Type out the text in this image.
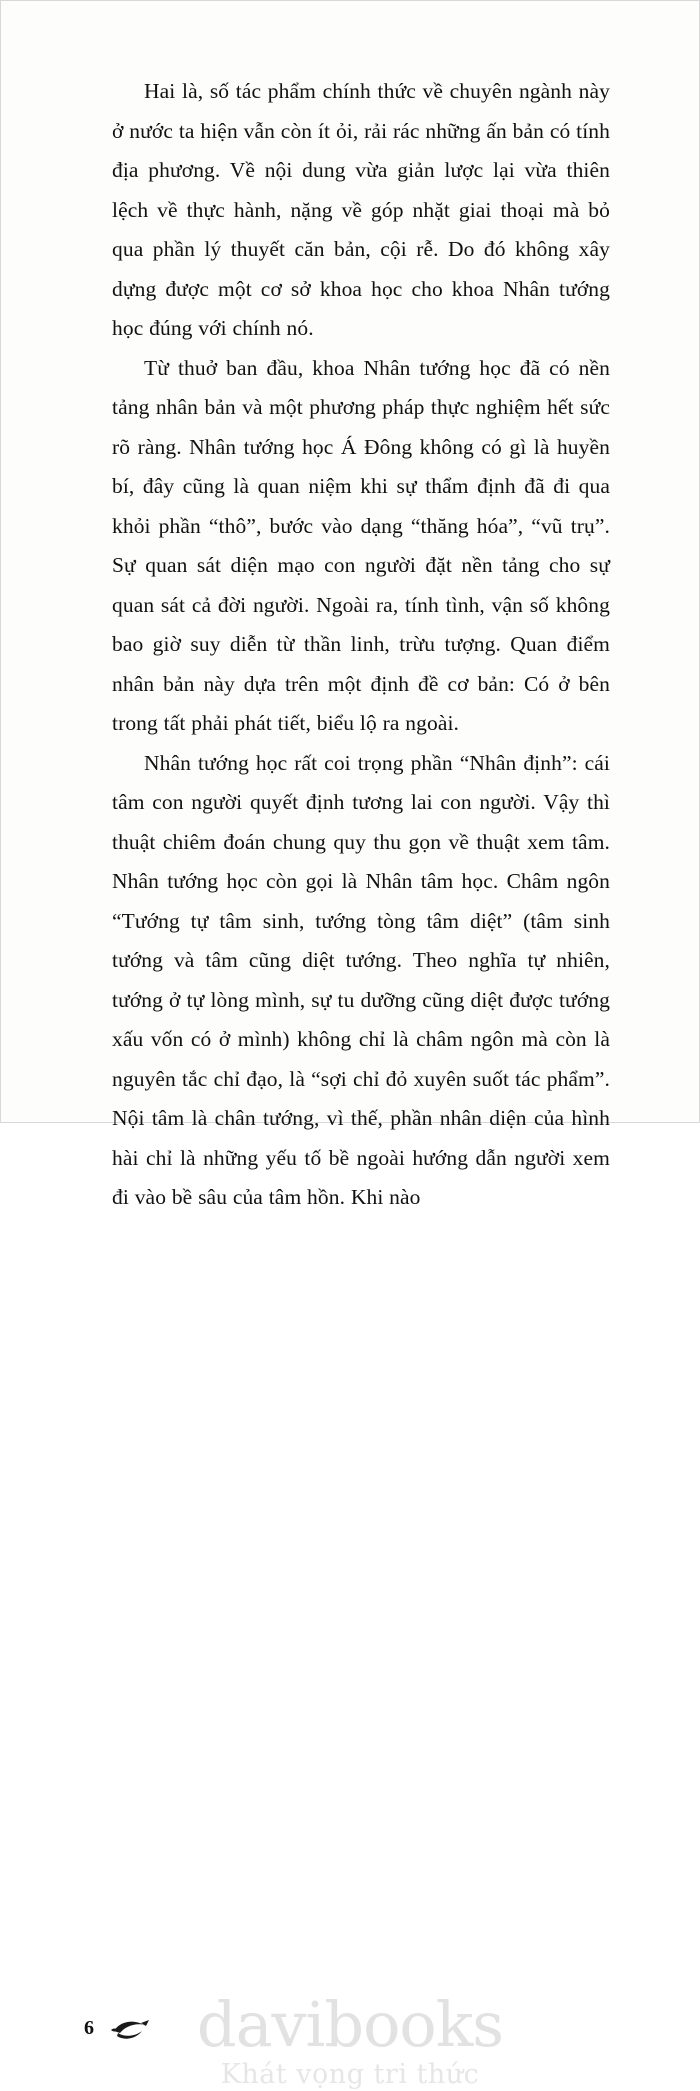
Hai là, số tác phẩm chính thức về chuyên ngành này ở nước ta hiện vẫn còn ít ỏi, rải rác những ấn bản có tính địa phương. Về nội dung vừa giản lược lại vừa thiên lệch về thực hành, nặng về góp nhặt giai thoại mà bỏ qua phần lý thuyết căn bản, cội rễ. Do đó không xây dựng được một cơ sở khoa học cho khoa Nhân tướng học đúng với chính nó.

Từ thuở ban đầu, khoa Nhân tướng học đã có nền tảng nhân bản và một phương pháp thực nghiệm hết sức rõ ràng. Nhân tướng học Á Đông không có gì là huyền bí, đây cũng là quan niệm khi sự thẩm định đã đi qua khỏi phần “thô”, bước vào dạng “thăng hóa”, “vũ trụ”. Sự quan sát diện mạo con người đặt nền tảng cho sự quan sát cả đời người. Ngoài ra, tính tình, vận số không bao giờ suy diễn từ thần linh, trừu tượng. Quan điểm nhân bản này dựa trên một định đề cơ bản: Có ở bên trong tất phải phát tiết, biểu lộ ra ngoài.

Nhân tướng học rất coi trọng phần “Nhân định”: cái tâm con người quyết định tương lai con người. Vậy thì thuật chiêm đoán chung quy thu gọn về thuật xem tâm. Nhân tướng học còn gọi là Nhân tâm học. Châm ngôn “Tướng tự tâm sinh, tướng tòng tâm diệt” (tâm sinh tướng và tâm cũng diệt tướng. Theo nghĩa tự nhiên, tướng ở tự lòng mình, sự tu dưỡng cũng diệt được tướng xấu vốn có ở mình) không chỉ là châm ngôn mà còn là nguyên tắc chỉ đạo, là “sợi chỉ đỏ xuyên suốt tác phẩm”. Nội tâm là chân tướng, vì thế, phần nhân diện của hình hài chỉ là những yếu tố bề ngoài hướng dẫn người xem đi vào bề sâu của tâm hồn. Khi nào

6	davibooks
Khát vọng tri thức
